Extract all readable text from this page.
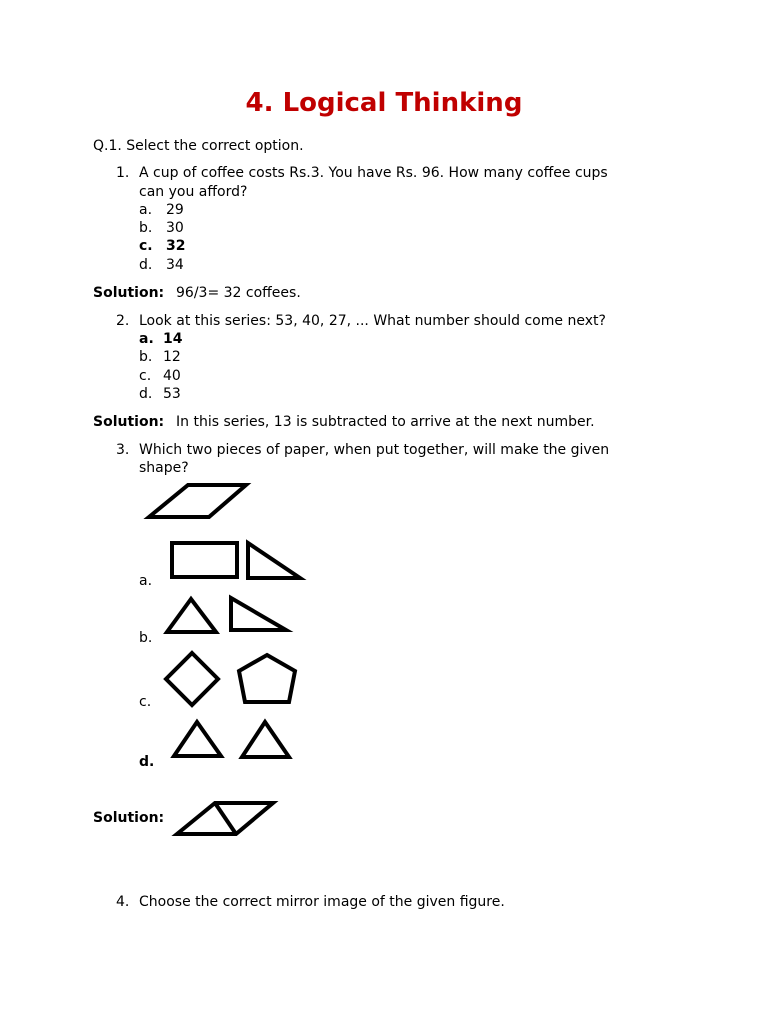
4. Logical Thinking
Q.1. Select the correct option.
1. A cup of coffee costs Rs.3. You have Rs. 96. How many coffee cups
can you afford?
a. 29
b. 30
c. 32
d. 34
Solution: 96/3= 32 coffees.
2. Look at this series: 53, 40, 27, ... What number should come next?
a. 14
b. 12
c. 40
d. 53
Solution: In this series, 13 is subtracted to arrive at the next number.
3. Which two pieces of paper, when put together, will make the given
shape?
a.
b.
c.
d.
Solution:
4. Choose the correct mirror image of the given figure.
